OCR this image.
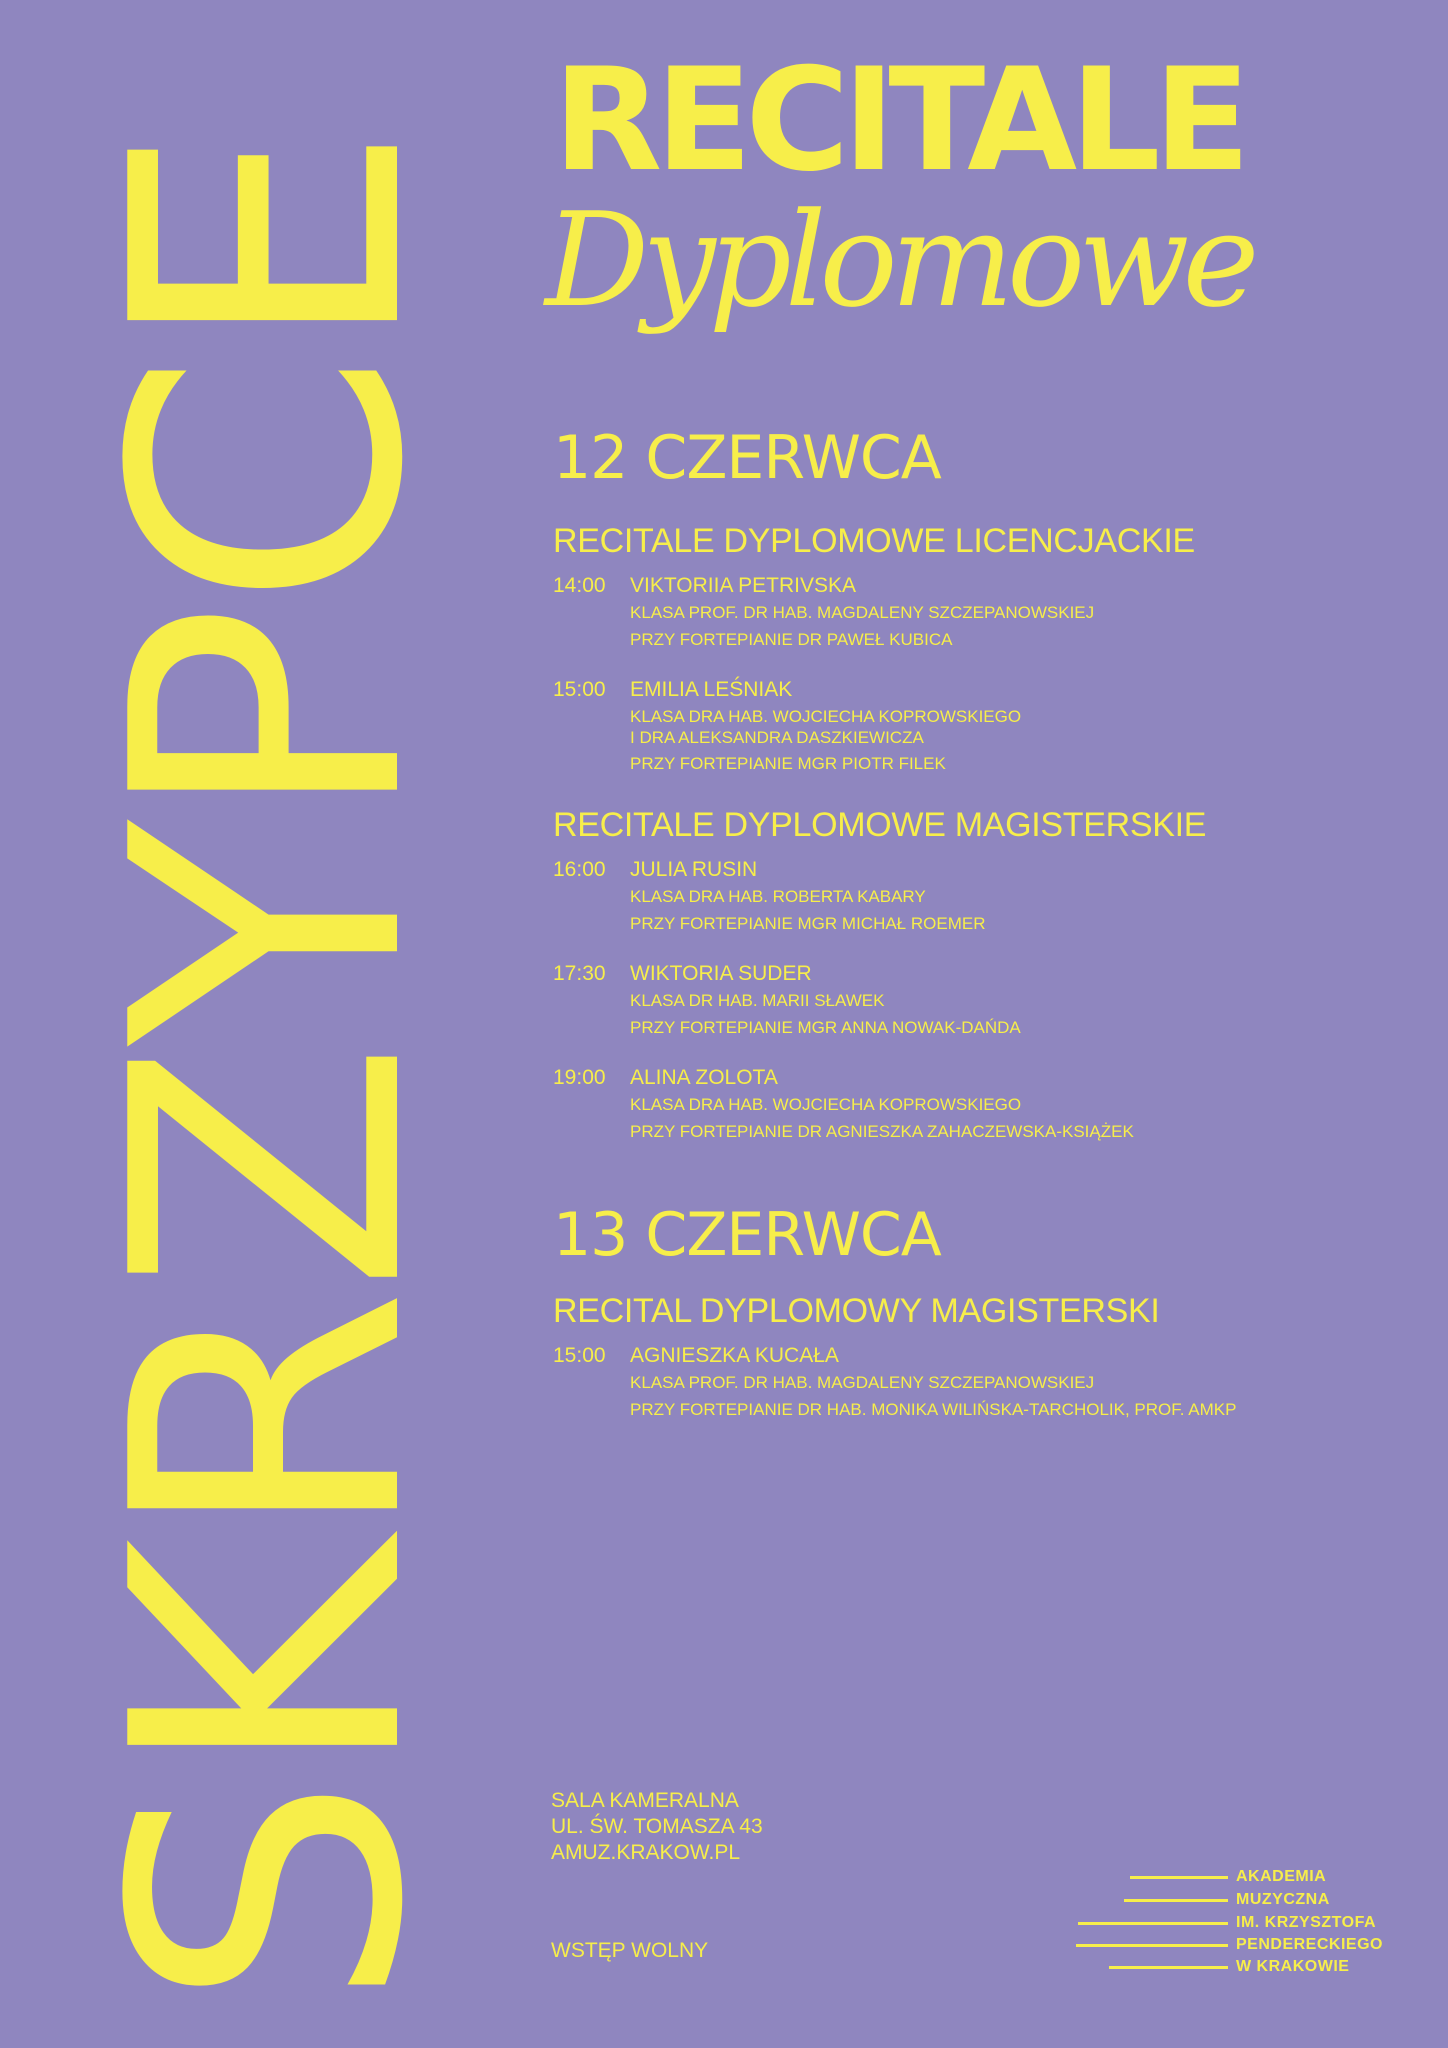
SKRZYPCE
RECITALE
Dyplomowe
12 CZERWCA
RECITALE DYPLOMOWE LICENCJACKIE
14:00 VIKTORIIA PETRIVSKA
KLASA PROF. DR HAB. MAGDALENY SZCZEPANOWSKIEJ
PRZY FORTEPIANIE DR PAWEŁ KUBICA
15:00 EMILIA LEŚNIAK
KLASA DRA HAB. WOJCIECHA KOPROWSKIEGO
I DRA ALEKSANDRA DASZKIEWICZA
PRZY FORTEPIANIE MGR PIOTR FILEK
RECITALE DYPLOMOWE MAGISTERSKIE
16:00 JULIA RUSIN
KLASA DRA HAB. ROBERTA KABARY
PRZY FORTEPIANIE MGR MICHAŁ ROEMER
17:30 WIKTORIA SUDER
KLASA DR HAB. MARII SŁAWEK
PRZY FORTEPIANIE MGR ANNA NOWAK-DAŃDA
19:00 ALINA ZOLOTA
KLASA DRA HAB. WOJCIECHA KOPROWSKIEGO
PRZY FORTEPIANIE DR AGNIESZKA ZAHACZEWSKA-KSIĄŻEK
13 CZERWCA
RECITAL DYPLOMOWY MAGISTERSKI
15:00 AGNIESZKA KUCAŁA
KLASA PROF. DR HAB. MAGDALENY SZCZEPANOWSKIEJ
PRZY FORTEPIANIE DR HAB. MONIKA WILIŃSKA-TARCHOLIK, PROF. AMKP
SALA KAMERALNA
UL. ŚW. TOMASZA 43
AMUZ.KRAKOW.PL
WSTĘP WOLNY
AKADEMIA
MUZYCZNA
IM. KRZYSZTOFA
PENDERECKIEGO
W KRAKOWIE
